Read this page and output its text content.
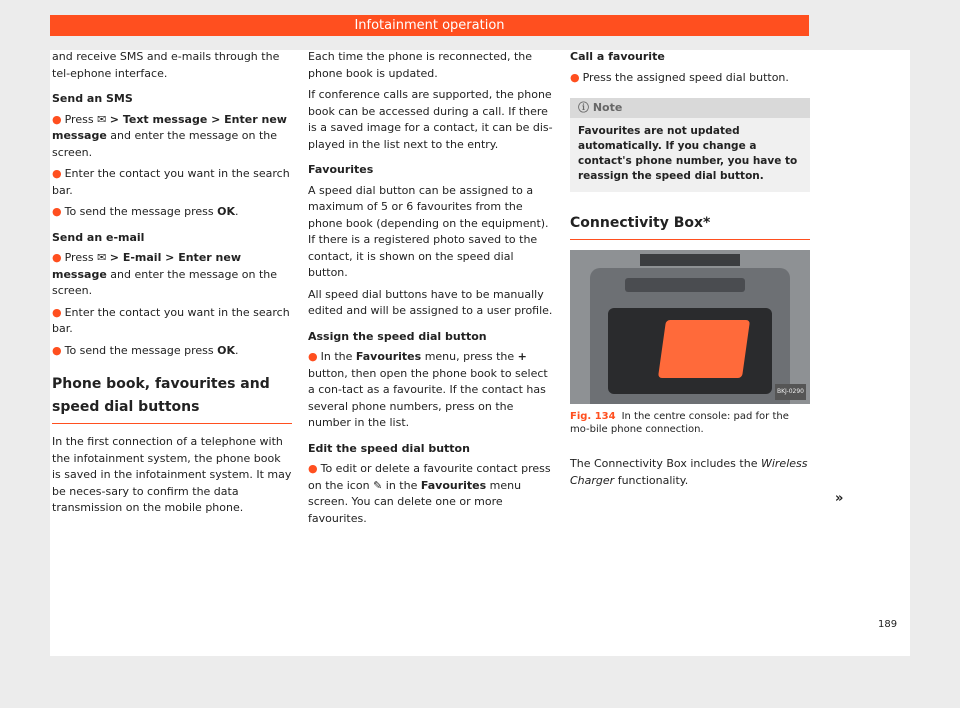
Infotainment operation

and receive SMS and e-mails through the tel-ephone interface.

Send an SMS

● Press ✉ > Text message > Enter new message and enter the message on the screen.

● Enter the contact you want in the search bar.

● To send the message press OK.

Send an e-mail

● Press ✉ > E-mail > Enter new message and enter the message on the screen.

● Enter the contact you want in the search bar.

● To send the message press OK.

Phone book, favourites and speed dial buttons

In the first connection of a telephone with the infotainment system, the phone book is saved in the infotainment system. It may be neces-sary to confirm the data transmission on the mobile phone.

Each time the phone is reconnected, the phone book is updated.

If conference calls are supported, the phone book can be accessed during a call. If there is a saved image for a contact, it can be dis-played in the list next to the entry.

Favourites

A speed dial button can be assigned to a maximum of 5 or 6 favourites from the phone book (depending on the equipment). If there is a registered photo saved to the contact, it is shown on the speed dial button.

All speed dial buttons have to be manually edited and will be assigned to a user profile.

Assign the speed dial button

● In the Favourites menu, press the + button, then open the phone book to select a con-tact as a favourite. If the contact has several phone numbers, press on the number in the list.

Edit the speed dial button

● To edit or delete a favourite contact press on the icon ✎ in the Favourites menu screen. You can delete one or more favourites.

Call a favourite

● Press the assigned speed dial button.

ⓘ Note
Favourites are not updated automatically. If you change a contact's phone number, you have to reassign the speed dial button.
Connectivity Box*
BKJ-0290

Fig. 134 In the centre console: pad for the mo-bile phone connection.

The Connectivity Box includes the Wireless Charger functionality.

»
189
